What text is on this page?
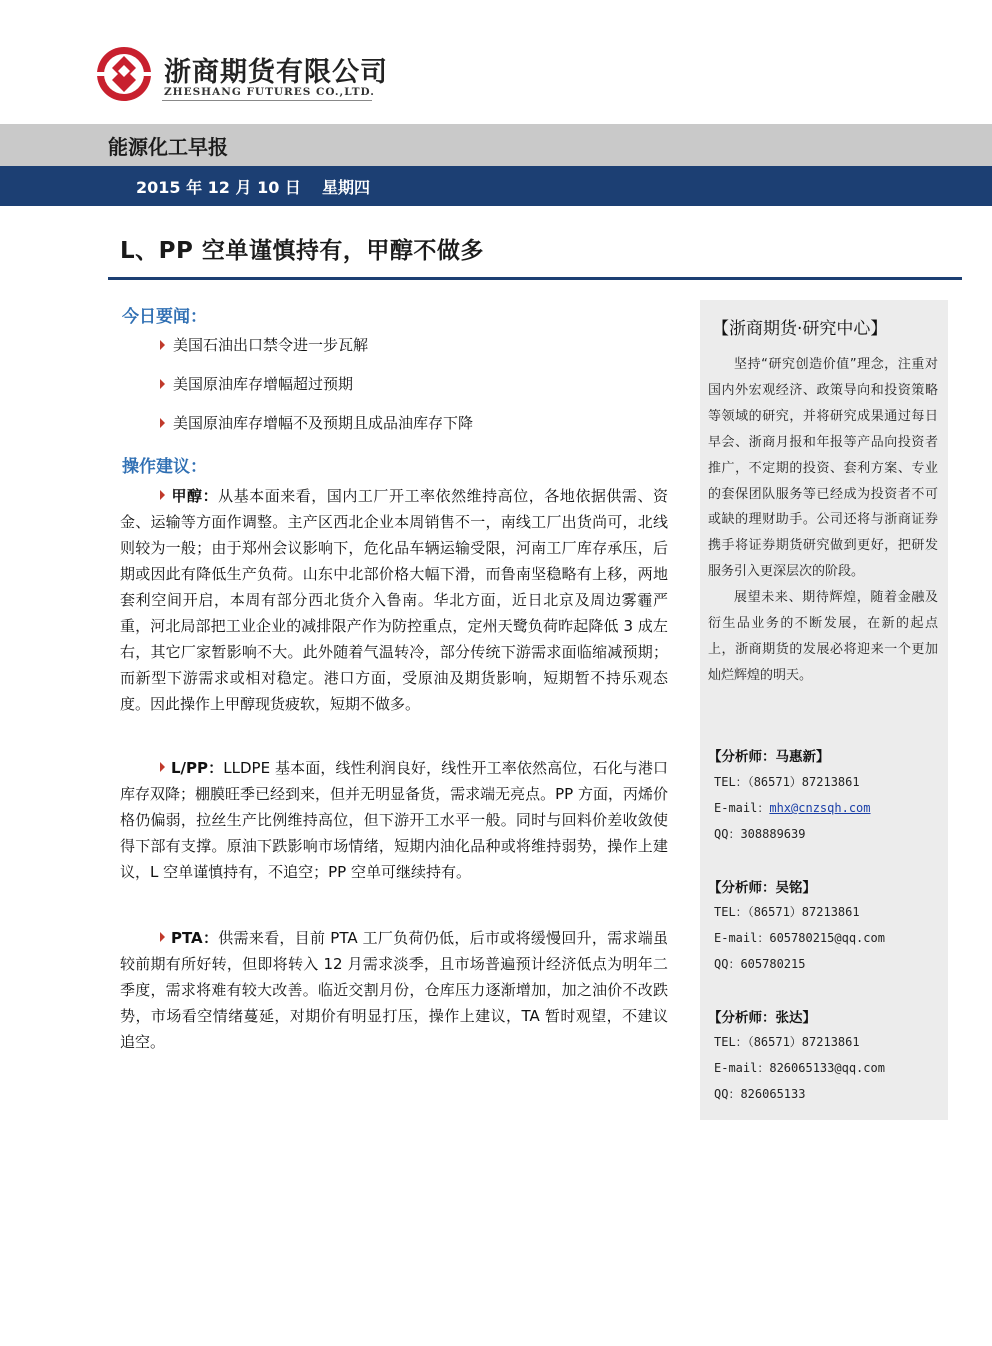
浙商期货有限公司
ZHESHANG FUTURES CO.,LTD.
能源化工早报
2015 年 12 月 10 日 星期四
L、PP 空单谨慎持有，甲醇不做多
今日要闻：
美国石油出口禁令进一步瓦解
美国原油库存增幅超过预期
美国原油库存增幅不及预期且成品油库存下降
操作建议：
甲醇：从基本面来看，国内工厂开工率依然维持高位，各地依据供需、资金、运输等方面作调整。主产区西北企业本周销售不一，南线工厂出货尚可，北线则较为一般；由于郑州会议影响下，危化品车辆运输受限，河南工厂库存承压，后期或因此有降低生产负荷。山东中北部价格大幅下滑，而鲁南坚稳略有上移，两地套利空间开启，本周有部分西北货介入鲁南。华北方面，近日北京及周边雾霾严重，河北局部把工业企业的减排限产作为防控重点，定州天鹭负荷昨起降低 3 成左右，其它厂家暂影响不大。此外随着气温转冷，部分传统下游需求面临缩减预期；而新型下游需求或相对稳定。港口方面，受原油及期货影响，短期暂不持乐观态度。因此操作上甲醇现货疲软，短期不做多。
L/PP：LLDPE 基本面，线性利润良好，线性开工率依然高位，石化与港口库存双降；棚膜旺季已经到来，但并无明显备货，需求端无亮点。PP 方面，丙烯价格仍偏弱，拉丝生产比例维持高位，但下游开工水平一般。同时与回料价差收敛使得下部有支撑。原油下跌影响市场情绪，短期内油化品种或将维持弱势，操作上建议，L 空单谨慎持有，不追空；PP 空单可继续持有。
PTA：供需来看，目前 PTA 工厂负荷仍低，后市或将缓慢回升，需求端虽较前期有所好转，但即将转入 12 月需求淡季，且市场普遍预计经济低点为明年二季度，需求将难有较大改善。临近交割月份，仓库压力逐渐增加，加之油价不改跌势，市场看空情绪蔓延，对期价有明显打压，操作上建议，TA 暂时观望，不建议追空。
【浙商期货·研究中心】

坚持“研究创造价值”理念，注重对国内外宏观经济、政策导向和投资策略等领域的研究，并将研究成果通过每日早会、浙商月报和年报等产品向投资者推广，不定期的投资、套利方案、专业的套保团队服务等已经成为投资者不可或缺的理财助手。公司还将与浙商证券携手将证券期货研究做到更好，把研发服务引入更深层次的阶段。

展望未来、期待辉煌，随着金融及衍生品业务的不断发展，在新的起点上，浙商期货的发展必将迎来一个更加灿烂辉煌的明天。

【分析师：马惠新】
TEL：（86571）87213861
E-mail：mhx@cnzsqh.com
QQ：308889639
【分析师：吴铭】
TEL：（86571）87213861
E-mail：605780215@qq.com
QQ：605780215
【分析师：张达】
TEL：（86571）87213861
E-mail：826065133@qq.com
QQ：826065133
